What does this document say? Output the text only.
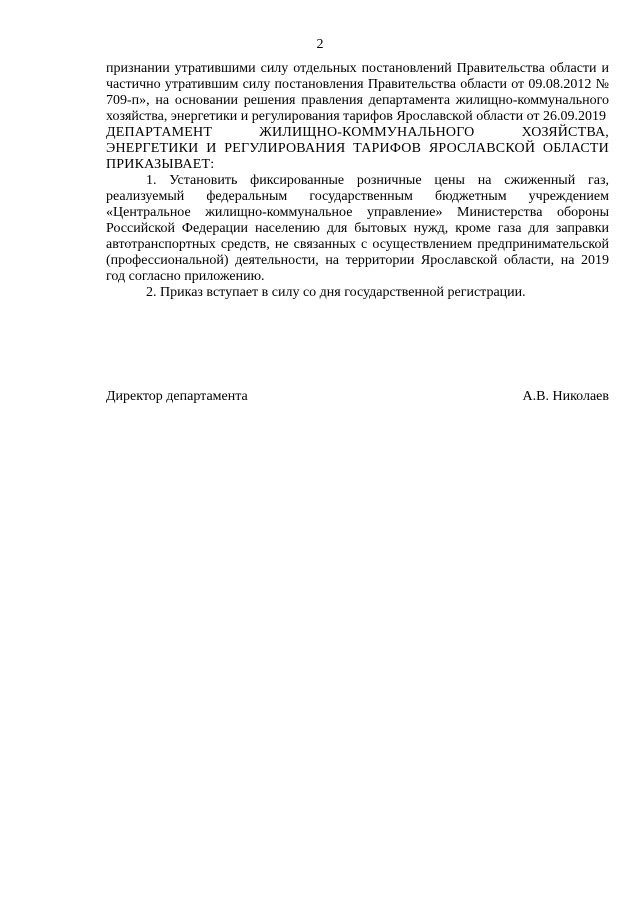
2

признании утратившими силу отдельных постановлений Правительства области и частично утратившим силу постановления Правительства области от 09.08.2012 № 709-п», на основании решения правления департамента жилищно-коммунального хозяйства, энергетики и регулирования тарифов Ярославской области от 26.09.2019

ДЕПАРТАМЕНТ ЖИЛИЩНО-КОММУНАЛЬНОГО ХОЗЯЙСТВА, ЭНЕРГЕТИКИ И РЕГУЛИРОВАНИЯ ТАРИФОВ ЯРОСЛАВСКОЙ ОБЛАСТИ ПРИКАЗЫВАЕТ:

1. Установить фиксированные розничные цены на сжиженный газ, реализуемый федеральным государственным бюджетным учреждением «Центральное жилищно-коммунальное управление» Министерства обороны Российской Федерации населению для бытовых нужд, кроме газа для заправки автотранспортных средств, не связанных с осуществлением предпринимательской (профессиональной) деятельности, на территории Ярославской области, на 2019 год согласно приложению.

2. Приказ вступает в силу со дня государственной регистрации.

Директор департамента	А.В. Николаев
